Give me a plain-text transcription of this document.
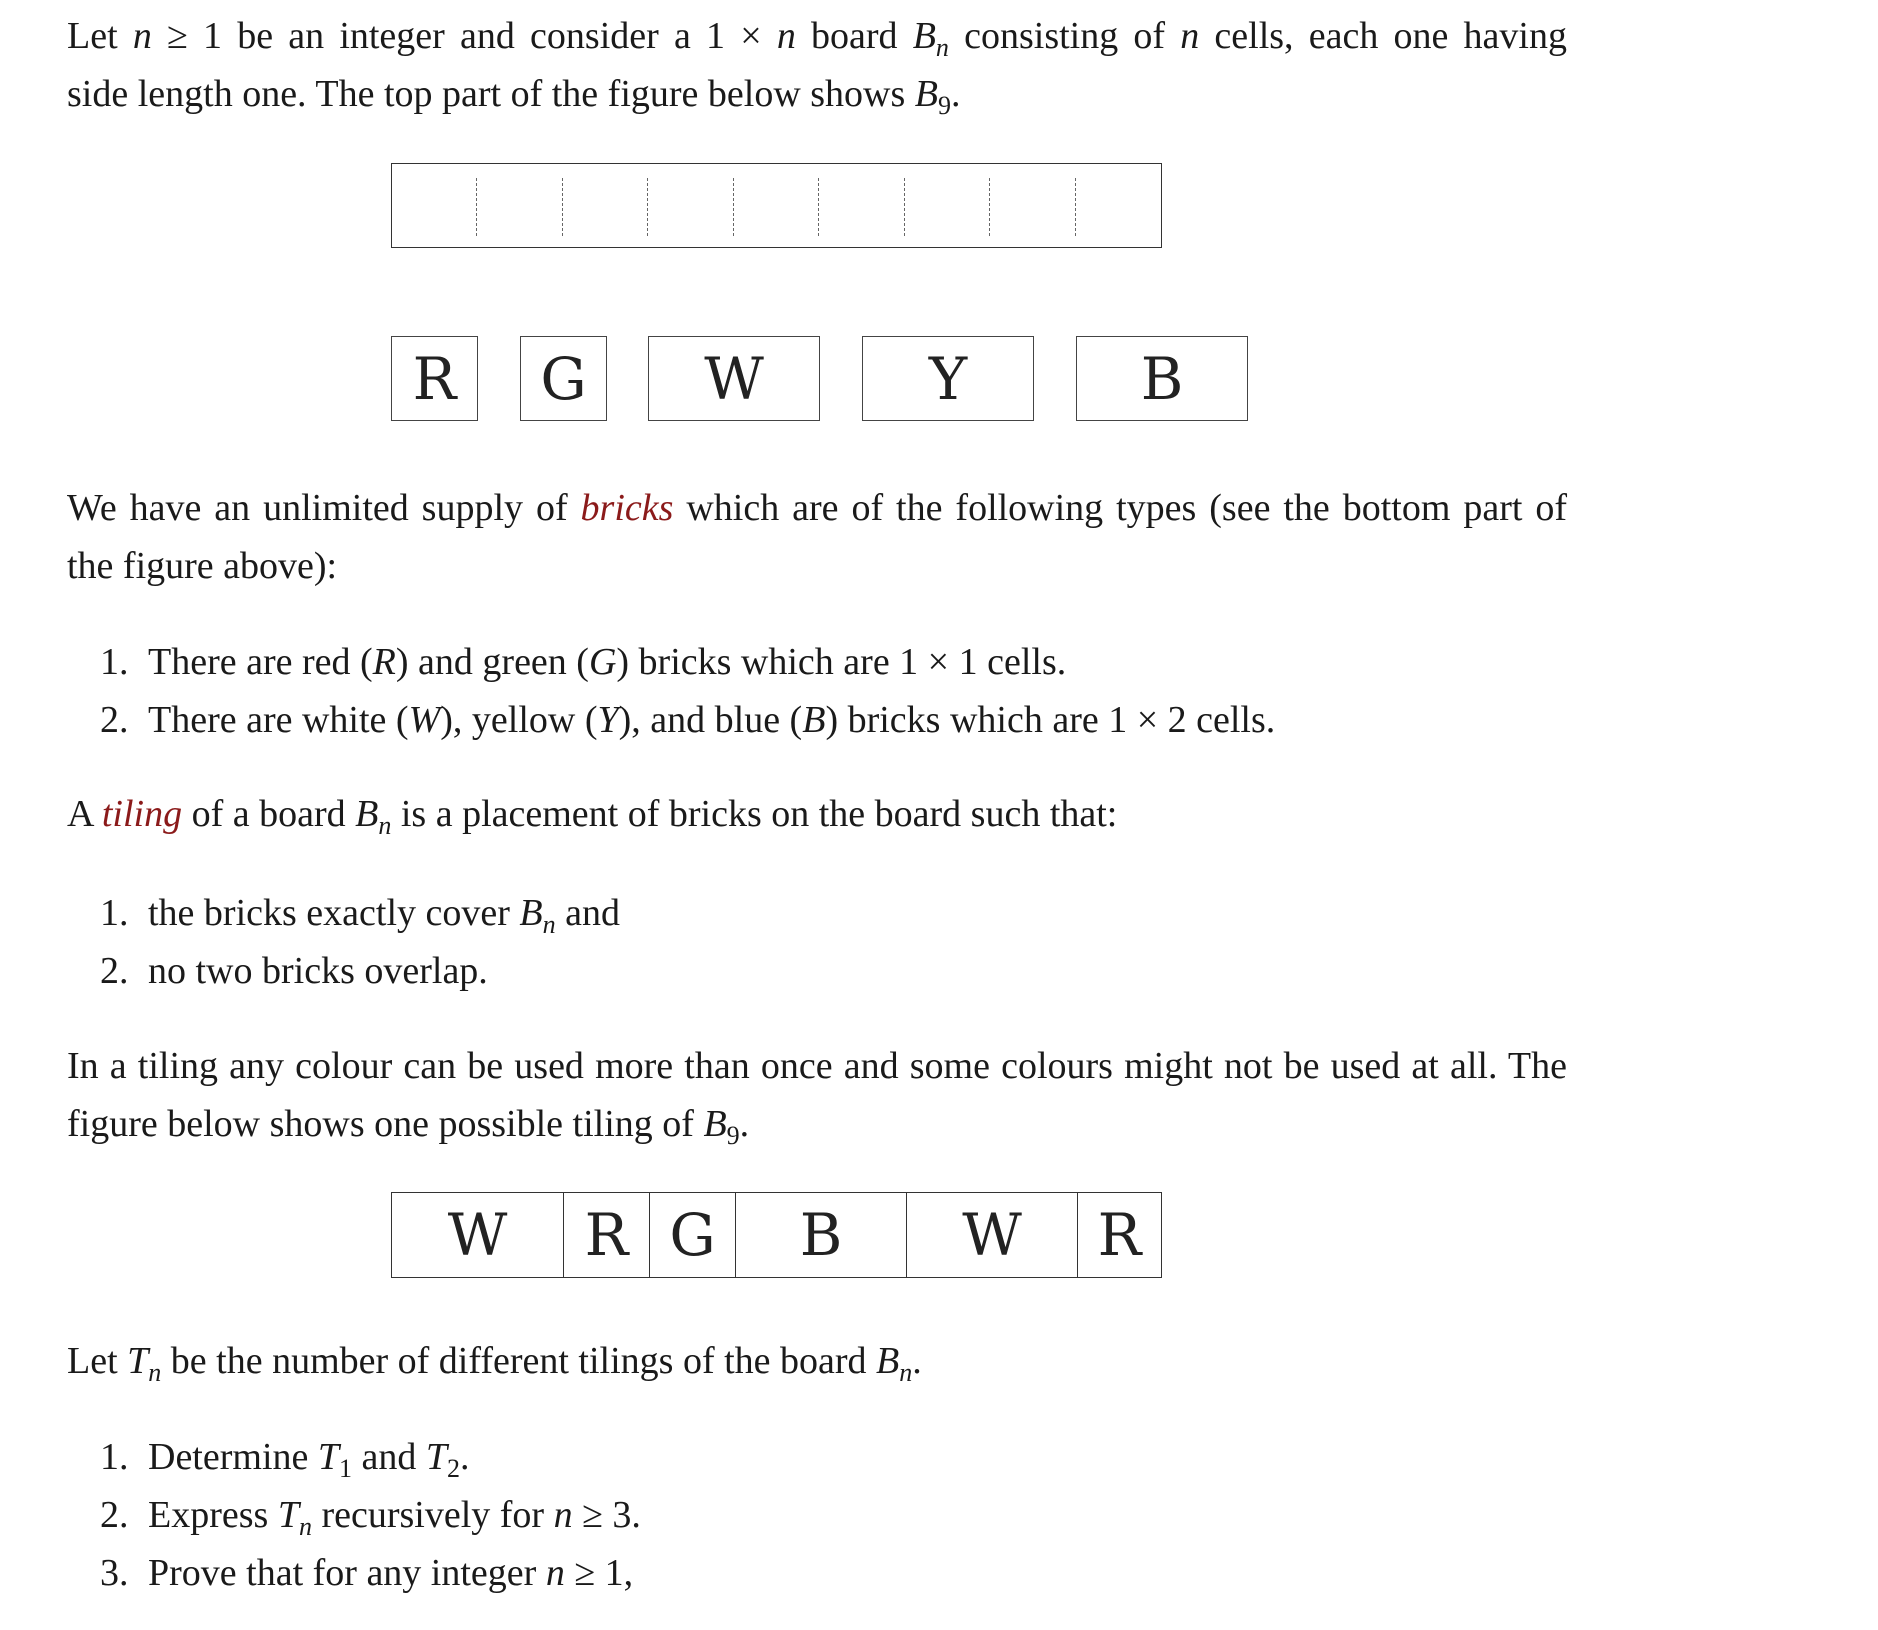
Let n ≥ 1 be an integer and consider a 1 × n board $B_n$ consisting of n cells, each one having
side length one. The top part of the figure below shows $B_9$.
R	G	W	Y	B
We have an unlimited supply of bricks which are of the following types (see the bottom part of
the figure above):
1. There are red (R) and green (G) bricks which are 1 × 1 cells.
2. There are white (W), yellow (Y), and blue (B) bricks which are 1 × 2 cells.
A tiling of a board $B_n$ is a placement of bricks on the board such that:
1. the bricks exactly cover $B_n$ and
2. no two bricks overlap.
In a tiling any colour can be used more than once and some colours might not be used at all. The
figure below shows one possible tiling of $B_9$.
W	R G	B	W	R
Let $T_n$ be the number of different tilings of the board $B_n$.
1. Determine $T_1$ and $T_2$.
2. Express $T_n$ recursively for n ≥ 3.
3. Prove that for any integer n ≥ 1,
